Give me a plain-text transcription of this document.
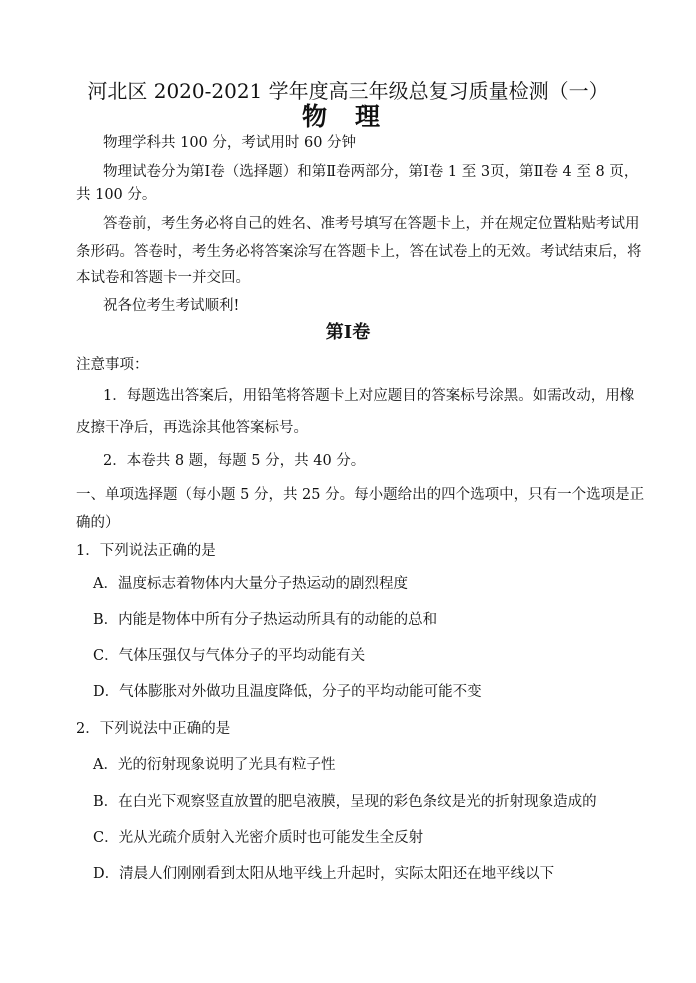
河北区 2020-2021 学年度高三年级总复习质量检测（一）
物理
物理学科共 100 分，考试用时 60 分钟
物理试卷分为第Ⅰ卷（选择题）和第Ⅱ卷两部分，第Ⅰ卷 1 至 3页，第Ⅱ卷 4 至 8 页，
共 100 分。
答卷前，考生务必将自己的姓名、准考号填写在答题卡上，并在规定位置粘贴考试用
条形码。答卷时，考生务必将答案涂写在答题卡上，答在试卷上的无效。考试结束后，将
本试卷和答题卡一并交回。
祝各位考生考试顺利!
第Ⅰ卷
注意事项：
1．每题选出答案后，用铅笔将答题卡上对应题目的答案标号涂黑。如需改动，用橡
皮擦干净后，再选涂其他答案标号。
2．本卷共 8 题，每题 5 分，共 40 分。
一、单项选择题（每小题 5 分，共 25 分。每小题给出的四个选项中，只有一个选项是正
确的）
1．下列说法正确的是
A．温度标志着物体内大量分子热运动的剧烈程度
B．内能是物体中所有分子热运动所具有的动能的总和
C．气体压强仅与气体分子的平均动能有关
D．气体膨胀对外做功且温度降低，分子的平均动能可能不变
2．下列说法中正确的是
A．光的衍射现象说明了光具有粒子性
B．在白光下观察竖直放置的肥皂液膜，呈现的彩色条纹是光的折射现象造成的
C．光从光疏介质射入光密介质时也可能发生全反射
D．清晨人们刚刚看到太阳从地平线上升起时，实际太阳还在地平线以下
